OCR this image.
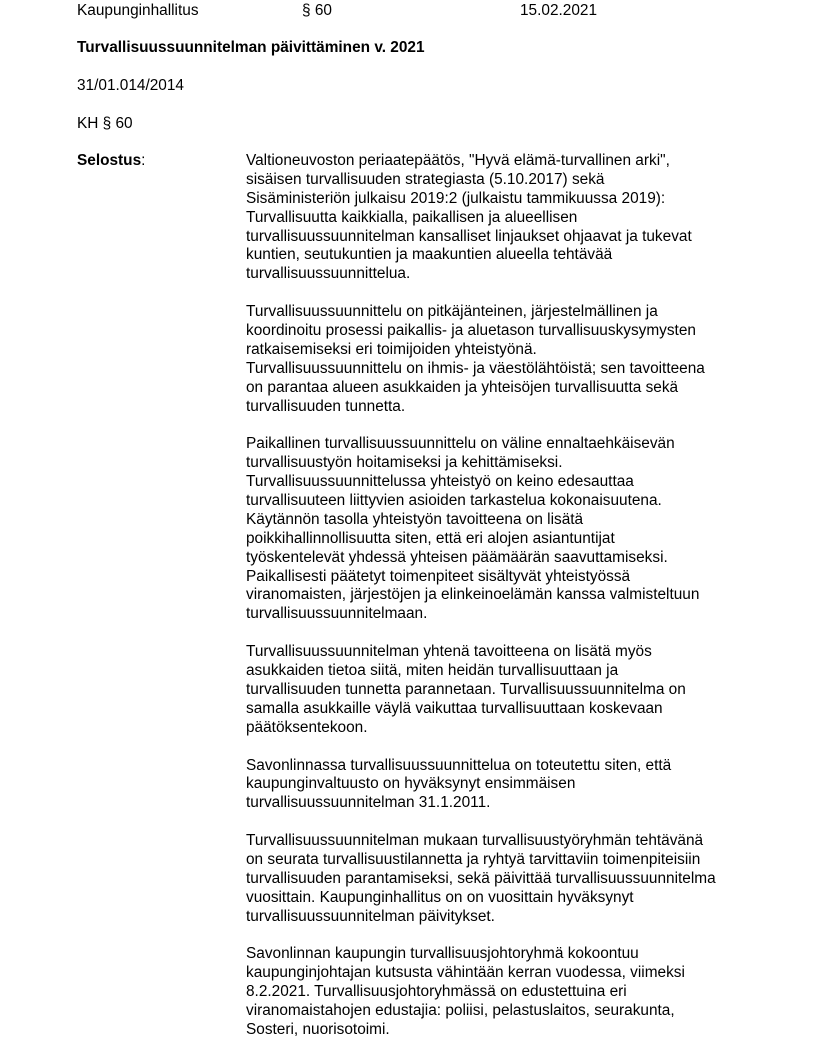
Kaupunginhallitus	§ 60	15.02.2021
Turvallisuussuunnitelman päivittäminen v. 2021
31/01.014/2014
KH § 60
Selostus:	Valtioneuvoston periaatepäätös, "Hyvä elämä-turvallinen arki",
sisäisen turvallisuuden strategiasta (5.10.2017) sekä
Sisäministeriön julkaisu 2019:2 (julkaistu tammikuussa 2019):
Turvallisuutta kaikkialla, paikallisen ja alueellisen
turvallisuussuunnitelman kansalliset linjaukset ohjaavat ja tukevat
kuntien, seutukuntien ja maakuntien alueella tehtävää
turvallisuussuunnittelua.
Turvallisuussuunnittelu on pitkäjänteinen, järjestelmällinen ja
koordinoitu prosessi paikallis- ja aluetason turvallisuuskysymysten
ratkaisemiseksi eri toimijoiden yhteistyönä.
Turvallisuussuunnittelu on ihmis- ja väestölähtöistä; sen tavoitteena
on parantaa alueen asukkaiden ja yhteisöjen turvallisuutta sekä
turvallisuuden tunnetta.
Paikallinen turvallisuussuunnittelu on väline ennaltaehkäisevän
turvallisuustyön hoitamiseksi ja kehittämiseksi.
Turvallisuussuunnittelussa yhteistyö on keino edesauttaa
turvallisuuteen liittyvien asioiden tarkastelua kokonaisuutena.
Käytännön tasolla yhteistyön tavoitteena on lisätä
poikkihallinnollisuutta siten, että eri alojen asiantuntijat
työskentelevät yhdessä yhteisen päämäärän saavuttamiseksi.
Paikallisesti päätetyt toimenpiteet sisältyvät yhteistyössä
viranomaisten, järjestöjen ja elinkeinoelämän kanssa valmisteltuun
turvallisuussuunnitelmaan.
Turvallisuussuunnitelman yhtenä tavoitteena on lisätä myös
asukkaiden tietoa siitä, miten heidän turvallisuuttaan ja
turvallisuuden tunnetta parannetaan. Turvallisuussuunnitelma on
samalla asukkaille väylä vaikuttaa turvallisuuttaan koskevaan
päätöksentekoon.
Savonlinnassa turvallisuussuunnittelua on toteutettu siten, että
kaupunginvaltuusto on hyväksynyt ensimmäisen
turvallisuussuunnitelman 31.1.2011.
Turvallisuussuunnitelman mukaan turvallisuustyöryhmän tehtävänä
on seurata turvallisuustilannetta ja ryhtyä tarvittaviin toimenpiteisiin
turvallisuuden parantamiseksi, sekä päivittää turvallisuussuunnitelma
vuosittain. Kaupunginhallitus on on vuosittain hyväksynyt
turvallisuussuunnitelman päivitykset.
Savonlinnan kaupungin turvallisuusjohtoryhmä kokoontuu
kaupunginjohtajan kutsusta vähintään kerran vuodessa, viimeksi
8.2.2021. Turvallisuusjohtoryhmässä on edustettuina eri
viranomaistahojen edustajia: poliisi, pelastuslaitos, seurakunta,
Sosteri, nuorisotoimi.
